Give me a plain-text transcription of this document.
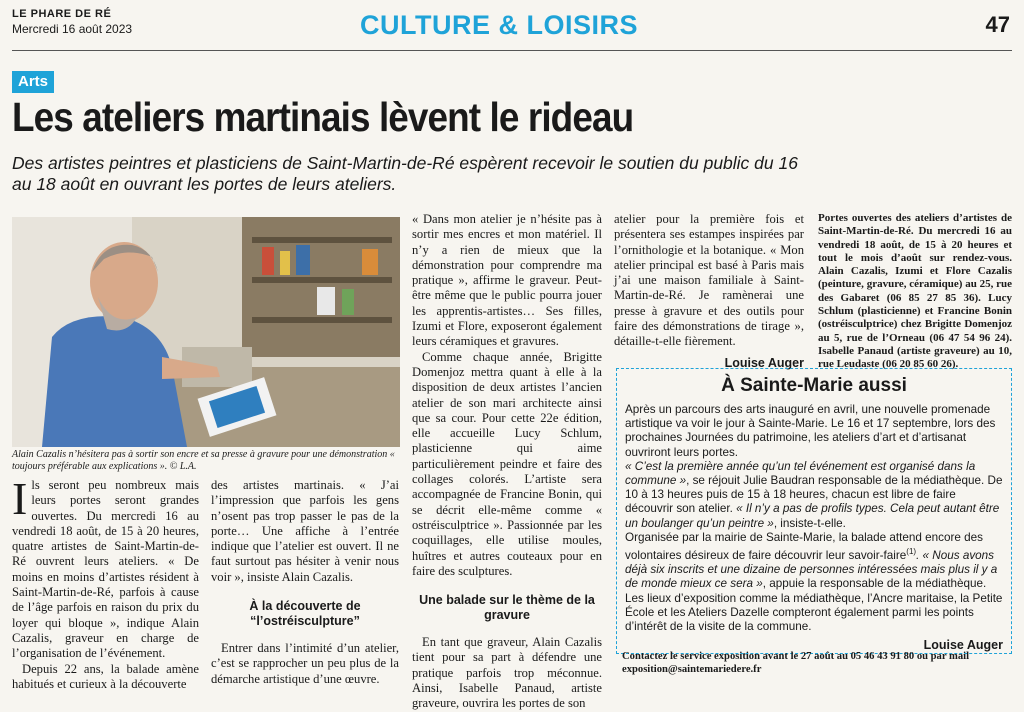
LE PHARE DE RÉ
Mercredi 16 août 2023	CULTURE & LOISIRS	47
Arts
Les ateliers martinais lèvent le rideau
Des artistes peintres et plasticiens de Saint-Martin-de-Ré espèrent recevoir le soutien du public du 16 au 18 août en ouvrant les portes de leurs ateliers.
Alain Cazalis n’hésitera pas à sortir son encre et sa presse à gravure pour une démonstration « toujours préférable aux explications ». © L.A.

Ils seront peu nombreux mais leurs portes seront grandes ouvertes. Du mercredi 16 au vendredi 18 août, de 15 à 20 heures, quatre artistes de Saint-Martin-de-Ré ouvrent leurs ateliers. « De moins en moins d’artistes résident à Saint-Martin-de-Ré, parfois à cause de l’âge parfois en raison du prix du loyer qui bloque », indique Alain Cazalis, graveur en charge de l’organisation de l’événement.

Depuis 22 ans, la balade amène habitués et curieux à la découverte

des artistes martinais. « J’ai l’impression que parfois les gens n’osent pas trop passer le pas de la porte… Une affiche à l’entrée indique que l’atelier est ouvert. Il ne faut surtout pas hésiter à venir nous voir », insiste Alain Cazalis.

À la découverte de “l’ostréisculpture”

Entrer dans l’intimité d’un atelier, c’est se rapprocher un peu plus de la démarche artistique d’une œuvre.

« Dans mon atelier je n’hésite pas à sortir mes encres et mon matériel. Il n’y a rien de mieux que la démonstration pour comprendre ma pratique », affirme le graveur. Peut-être même que le public pourra jouer les apprentis-artistes… Ses filles, Izumi et Flore, exposeront également leurs céramiques et gravures.

Comme chaque année, Brigitte Domenjoz mettra quant à elle à la disposition de deux artistes l’ancien atelier de son mari architecte ainsi que sa cour. Pour cette 22e édition, elle accueille Lucy Schlum, plasticienne qui aime particulièrement peindre et faire des collages colorés. L’artiste sera accompagnée de Francine Bonin, qui se décrit elle-même comme « ostréisculptrice ». Passionnée par les coquillages, elle utilise moules, huîtres et autres couteaux pour en faire des sculptures.

Une balade sur le thème de la gravure

En tant que graveur, Alain Cazalis tient pour sa part à défendre une pratique parfois trop méconnue. Ainsi, Isabelle Panaud, artiste graveure, ouvrira les portes de son

atelier pour la première fois et présentera ses estampes inspirées par l’ornithologie et la botanique. « Mon atelier principal est basé à Paris mais j’ai une maison familiale à Saint-Martin-de-Ré. Je ramènerai une presse à gravure et des outils pour faire des démonstrations de tirage », détaille-t-elle fièrement.

Louise Auger
Portes ouvertes des ateliers d’artistes de Saint-Martin-de-Ré. Du mercredi 16 au vendredi 18 août, de 15 à 20 heures et tout le mois d’août sur rendez-vous. Alain Cazalis, Izumi et Flore Cazalis (peinture, gravure, céramique) au 25, rue des Gabaret (06 85 27 85 36). Lucy Schlum (plasticienne) et Francine Bonin (ostréisculptrice) chez Brigitte Domenjoz au 5, rue de l’Orneau (06 47 54 96 24). Isabelle Panaud (artiste graveure) au 10, rue Leudaste (06 20 85 60 26).
À Sainte-Marie aussi

Après un parcours des arts inauguré en avril, une nouvelle promenade artistique va voir le jour à Sainte-Marie. Le 16 et 17 septembre, lors des prochaines Journées du patrimoine, les ateliers d’art et d’artisanat ouvriront leurs portes.

« C’est la première année qu’un tel événement est organisé dans la commune », se réjouit Julie Baudran responsable de la médiathèque. De 10 à 13 heures puis de 15 à 18 heures, chacun est libre de faire découvrir son atelier. « Il n’y a pas de profils types. Cela peut autant être un boulanger qu’un peintre », insiste-t-elle.

Organisée par la mairie de Sainte-Marie, la balade attend encore des volontaires désireux de faire découvrir leur savoir-faire$^{(1)}$. « Nous avons déjà six inscrits et une dizaine de personnes intéressées mais plus il y a de monde mieux ce sera », appuie la responsable de la médiathèque.

Les lieux d’exposition comme la médiathèque, l’Ancre maritaise, la Petite École et les Ateliers Dazelle compteront également parmi les points d’intérêt de la visite de la commune.

Louise Auger
Contactez le service exposition avant le 27 août au 05 46 43 91 80 ou par mail exposition@saintemariedere.fr
